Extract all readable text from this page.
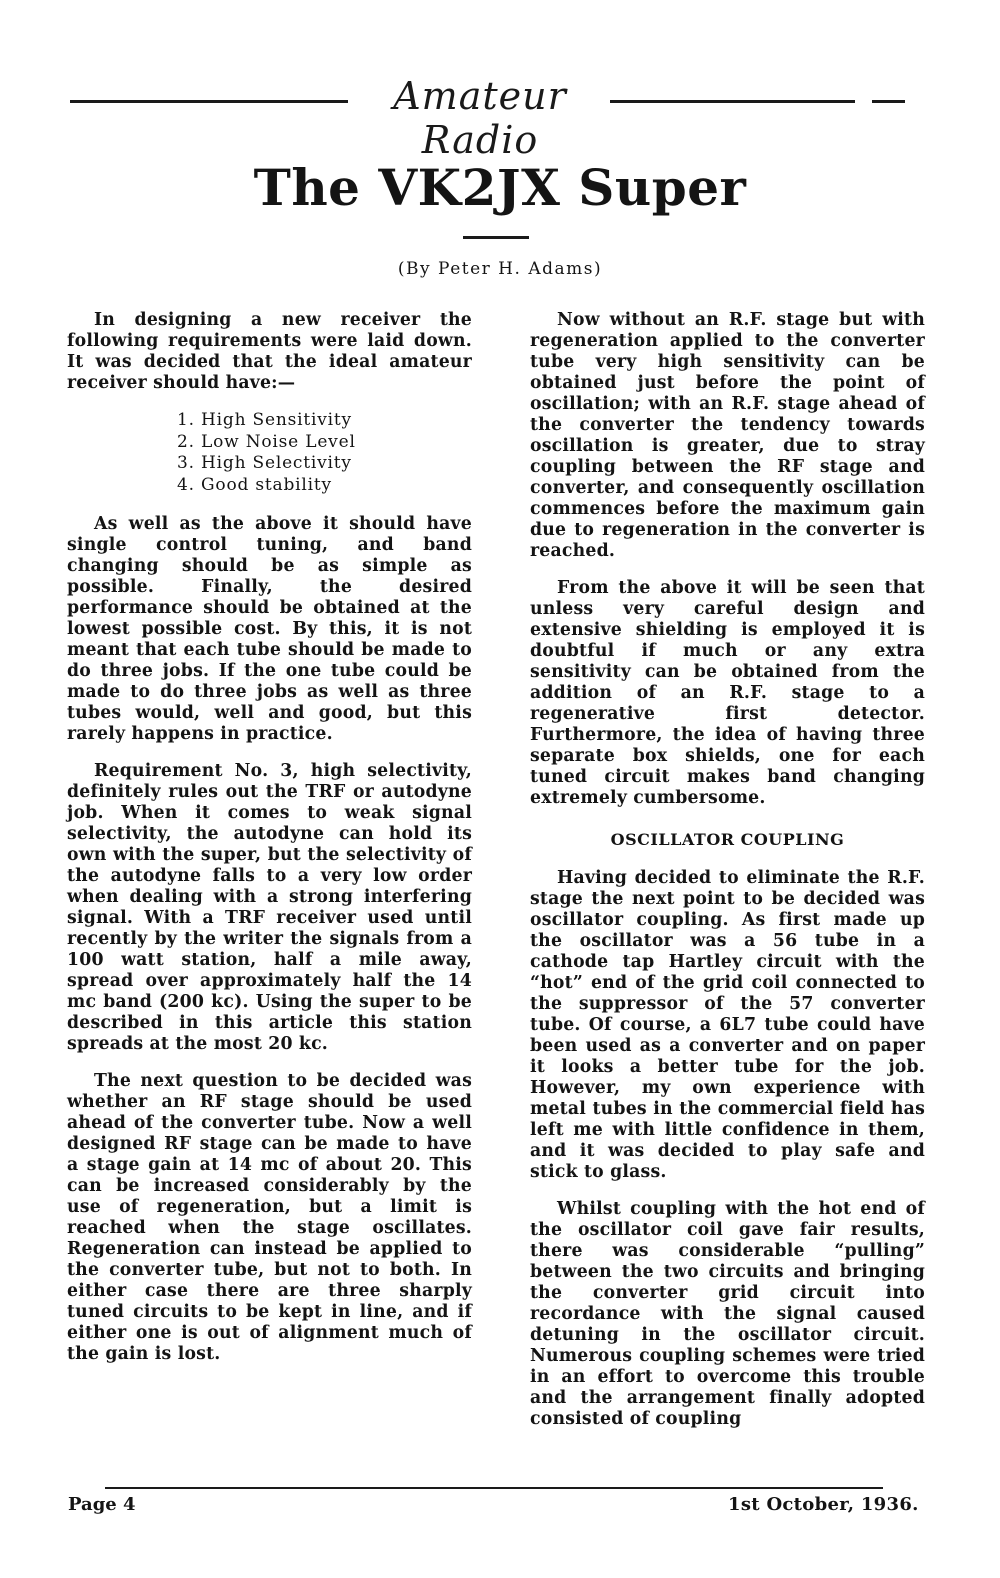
Amateur Radio
The VK2JX Super
(By Peter H. Adams)

In designing a new receiver the following requirements were laid down. It was decided that the ideal amateur receiver should have:—

1. High Sensitivity
2. Low Noise Level
3. High Selectivity
4. Good stability

As well as the above it should have single control tuning, and band changing should be as simple as possible. Finally, the desired performance should be obtained at the lowest possible cost. By this, it is not meant that each tube should be made to do three jobs. If the one tube could be made to do three jobs as well as three tubes would, well and good, but this rarely happens in practice.

Requirement No. 3, high selectivity, definitely rules out the TRF or autodyne job. When it comes to weak signal selectivity, the autodyne can hold its own with the super, but the selectivity of the autodyne falls to a very low order when dealing with a strong interfering signal. With a TRF receiver used until recently by the writer the signals from a 100 watt station, half a mile away, spread over approximately half the 14 mc band (200 kc). Using the super to be described in this article this station spreads at the most 20 kc.

The next question to be decided was whether an RF stage should be used ahead of the converter tube. Now a well designed RF stage can be made to have a stage gain at 14 mc of about 20. This can be increased considerably by the use of regeneration, but a limit is reached when the stage oscillates. Regeneration can instead be applied to the converter tube, but not to both. In either case there are three sharply tuned circuits to be kept in line, and if either one is out of alignment much of the gain is lost.

Now without an R.F. stage but with regeneration applied to the converter tube very high sensitivity can be obtained just before the point of oscillation; with an R.F. stage ahead of the converter the tendency towards oscillation is greater, due to stray coupling between the RF stage and converter, and consequently oscillation commences before the maximum gain due to regeneration in the converter is reached.

From the above it will be seen that unless very careful design and extensive shielding is employed it is doubtful if much or any extra sensitivity can be obtained from the addition of an R.F. stage to a regenerative first detector. Furthermore, the idea of having three separate box shields, one for each tuned circuit makes band changing extremely cumbersome.

OSCILLATOR COUPLING

Having decided to eliminate the R.F. stage the next point to be decided was oscillator coupling. As first made up the oscillator was a 56 tube in a cathode tap Hartley circuit with the “hot” end of the grid coil connected to the suppressor of the 57 converter tube. Of course, a 6L7 tube could have been used as a converter and on paper it looks a better tube for the job. However, my own experience with metal tubes in the commercial field has left me with little confidence in them, and it was decided to play safe and stick to glass.

Whilst coupling with the hot end of the oscillator coil gave fair results, there was considerable “pulling” between the two circuits and bringing the converter grid circuit into recordance with the signal caused detuning in the oscillator circuit. Numerous coupling schemes were tried in an effort to overcome this trouble and the arrangement finally adopted consisted of coupling

Page 4	1st October, 1936.
